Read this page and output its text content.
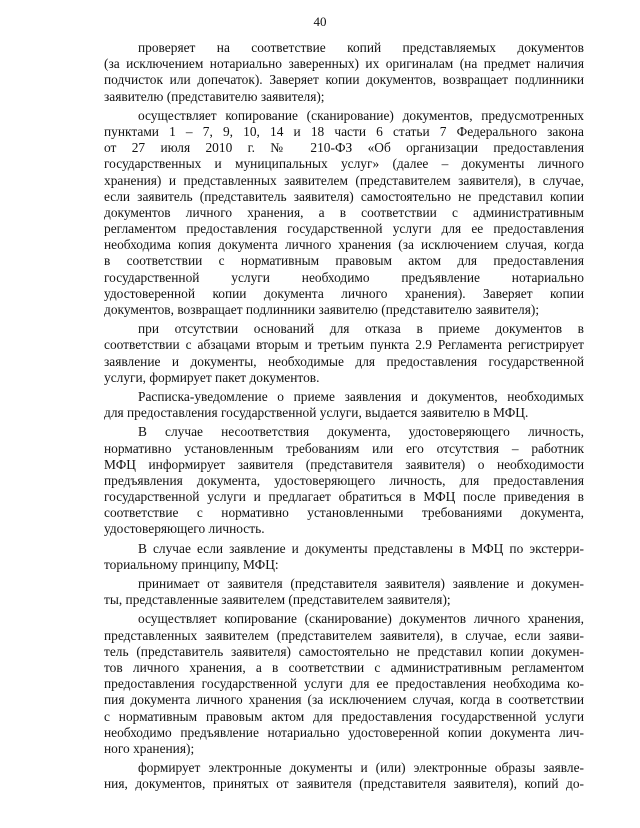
40
проверяет на соответствие копий представляемых документов
(за исключением нотариально заверенных) их оригиналам (на предмет наличия
подчисток или допечаток). Заверяет копии документов, возвращает подлинники
заявителю (представителю заявителя);
осуществляет копирование (сканирование) документов, предусмотренных
пунктами 1 – 7, 9, 10, 14 и 18 части 6 статьи 7 Федерального закона
от 27 июля 2010 г. № 210-ФЗ «Об организации предоставления
государственных и муниципальных услуг» (далее – документы личного
хранения) и представленных заявителем (представителем заявителя), в случае,
если заявитель (представитель заявителя) самостоятельно не представил копии
документов личного хранения, а в соответствии с административным
регламентом предоставления государственной услуги для ее предоставления
необходима копия документа личного хранения (за исключением случая, когда
в соответствии с нормативным правовым актом для предоставления
государственной услуги необходимо предъявление нотариально
удостоверенной копии документа личного хранения). Заверяет копии
документов, возвращает подлинники заявителю (представителю заявителя);
при отсутствии оснований для отказа в приеме документов в
соответствии с абзацами вторым и третьим пункта 2.9 Регламента регистрирует
заявление и документы, необходимые для предоставления государственной
услуги, формирует пакет документов.
Расписка-уведомление о приеме заявления и документов, необходимых
для предоставления государственной услуги, выдается заявителю в МФЦ.
В случае несоответствия документа, удостоверяющего личность,
нормативно установленным требованиям или его отсутствия – работник
МФЦ информирует заявителя (представителя заявителя) о необходимости
предъявления документа, удостоверяющего личность, для предоставления
государственной услуги и предлагает обратиться в МФЦ после приведения в
соответствие с нормативно установленными требованиями документа,
удостоверяющего личность.
В случае если заявление и документы представлены в МФЦ по экстерри-
ториальному принципу, МФЦ:
принимает от заявителя (представителя заявителя) заявление и докумен-
ты, представленные заявителем (представителем заявителя);
осуществляет копирование (сканирование) документов личного хранения,
представленных заявителем (представителем заявителя), в случае, если заяви-
тель (представитель заявителя) самостоятельно не представил копии докумен-
тов личного хранения, а в соответствии с административным регламентом
предоставления государственной услуги для ее предоставления необходима ко-
пия документа личного хранения (за исключением случая, когда в соответствии
с нормативным правовым актом для предоставления государственной услуги
необходимо предъявление нотариально удостоверенной копии документа лич-
ного хранения);
формирует электронные документы и (или) электронные образы заявле-
ния, документов, принятых от заявителя (представителя заявителя), копий до-
